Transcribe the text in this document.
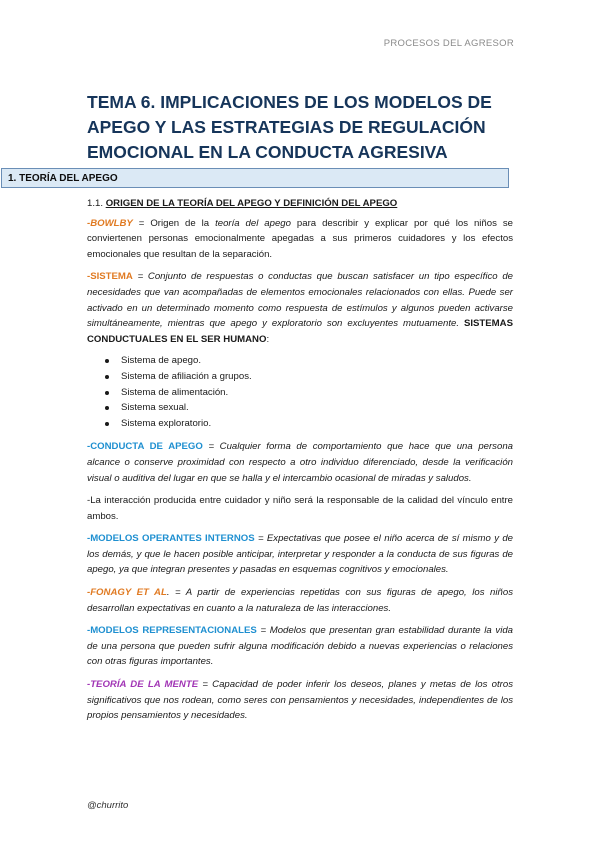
PROCESOS DEL AGRESOR
TEMA 6. IMPLICACIONES DE LOS MODELOS DE APEGO Y LAS ESTRATEGIAS DE REGULACIÓN EMOCIONAL EN LA CONDUCTA AGRESIVA
1. TEORÍA DEL APEGO
1.1. ORIGEN DE LA TEORÍA DEL APEGO Y DEFINICIÓN DEL APEGO

-BOWLBY = Origen de la teoría del apego para describir y explicar por qué los niños se conviertenen personas emocionalmente apegadas a sus primeros cuidadores y los efectos emocionales que resultan de la separación.

-SISTEMA = Conjunto de respuestas o conductas que buscan satisfacer un tipo específico de necesidades que van acompañadas de elementos emocionales relacionados con ellas. Puede ser activado en un determinado momento como respuesta de estímulos y algunos pueden activarse simultáneamente, mientras que apego y exploratorio son excluyentes mutuamente. SISTEMAS CONDUCTUALES EN EL SER HUMANO:

Sistema de apego.
Sistema de afiliación a grupos.
Sistema de alimentación.
Sistema sexual.
Sistema exploratorio.

-CONDUCTA DE APEGO = Cualquier forma de comportamiento que hace que una persona alcance o conserve proximidad con respecto a otro individuo diferenciado, desde la verificación visual o auditiva del lugar en que se halla y el intercambio ocasional de miradas y saludos.

-La interacción producida entre cuidador y niño será la responsable de la calidad del vínculo entre ambos.

-MODELOS OPERANTES INTERNOS = Expectativas que posee el niño acerca de sí mismo y de los demás, y que le hacen posible anticipar, interpretar y responder a la conducta de sus figuras de apego, ya que integran presentes y pasadas en esquemas cognitivos y emocionales.

-FONAGY ET AL. = A partir de experiencias repetidas con sus figuras de apego, los niños desarrollan expectativas en cuanto a la naturaleza de las interacciones.

-MODELOS REPRESENTACIONALES = Modelos que presentan gran estabilidad durante la vida de una persona que pueden sufrir alguna modificación debido a nuevas experiencias o relaciones con otras figuras importantes.

-TEORÍA DE LA MENTE = Capacidad de poder inferir los deseos, planes y metas de los otros significativos que nos rodean, como seres con pensamientos y necesidades, independientes de los propios pensamientos y necesidades.

@churrito
